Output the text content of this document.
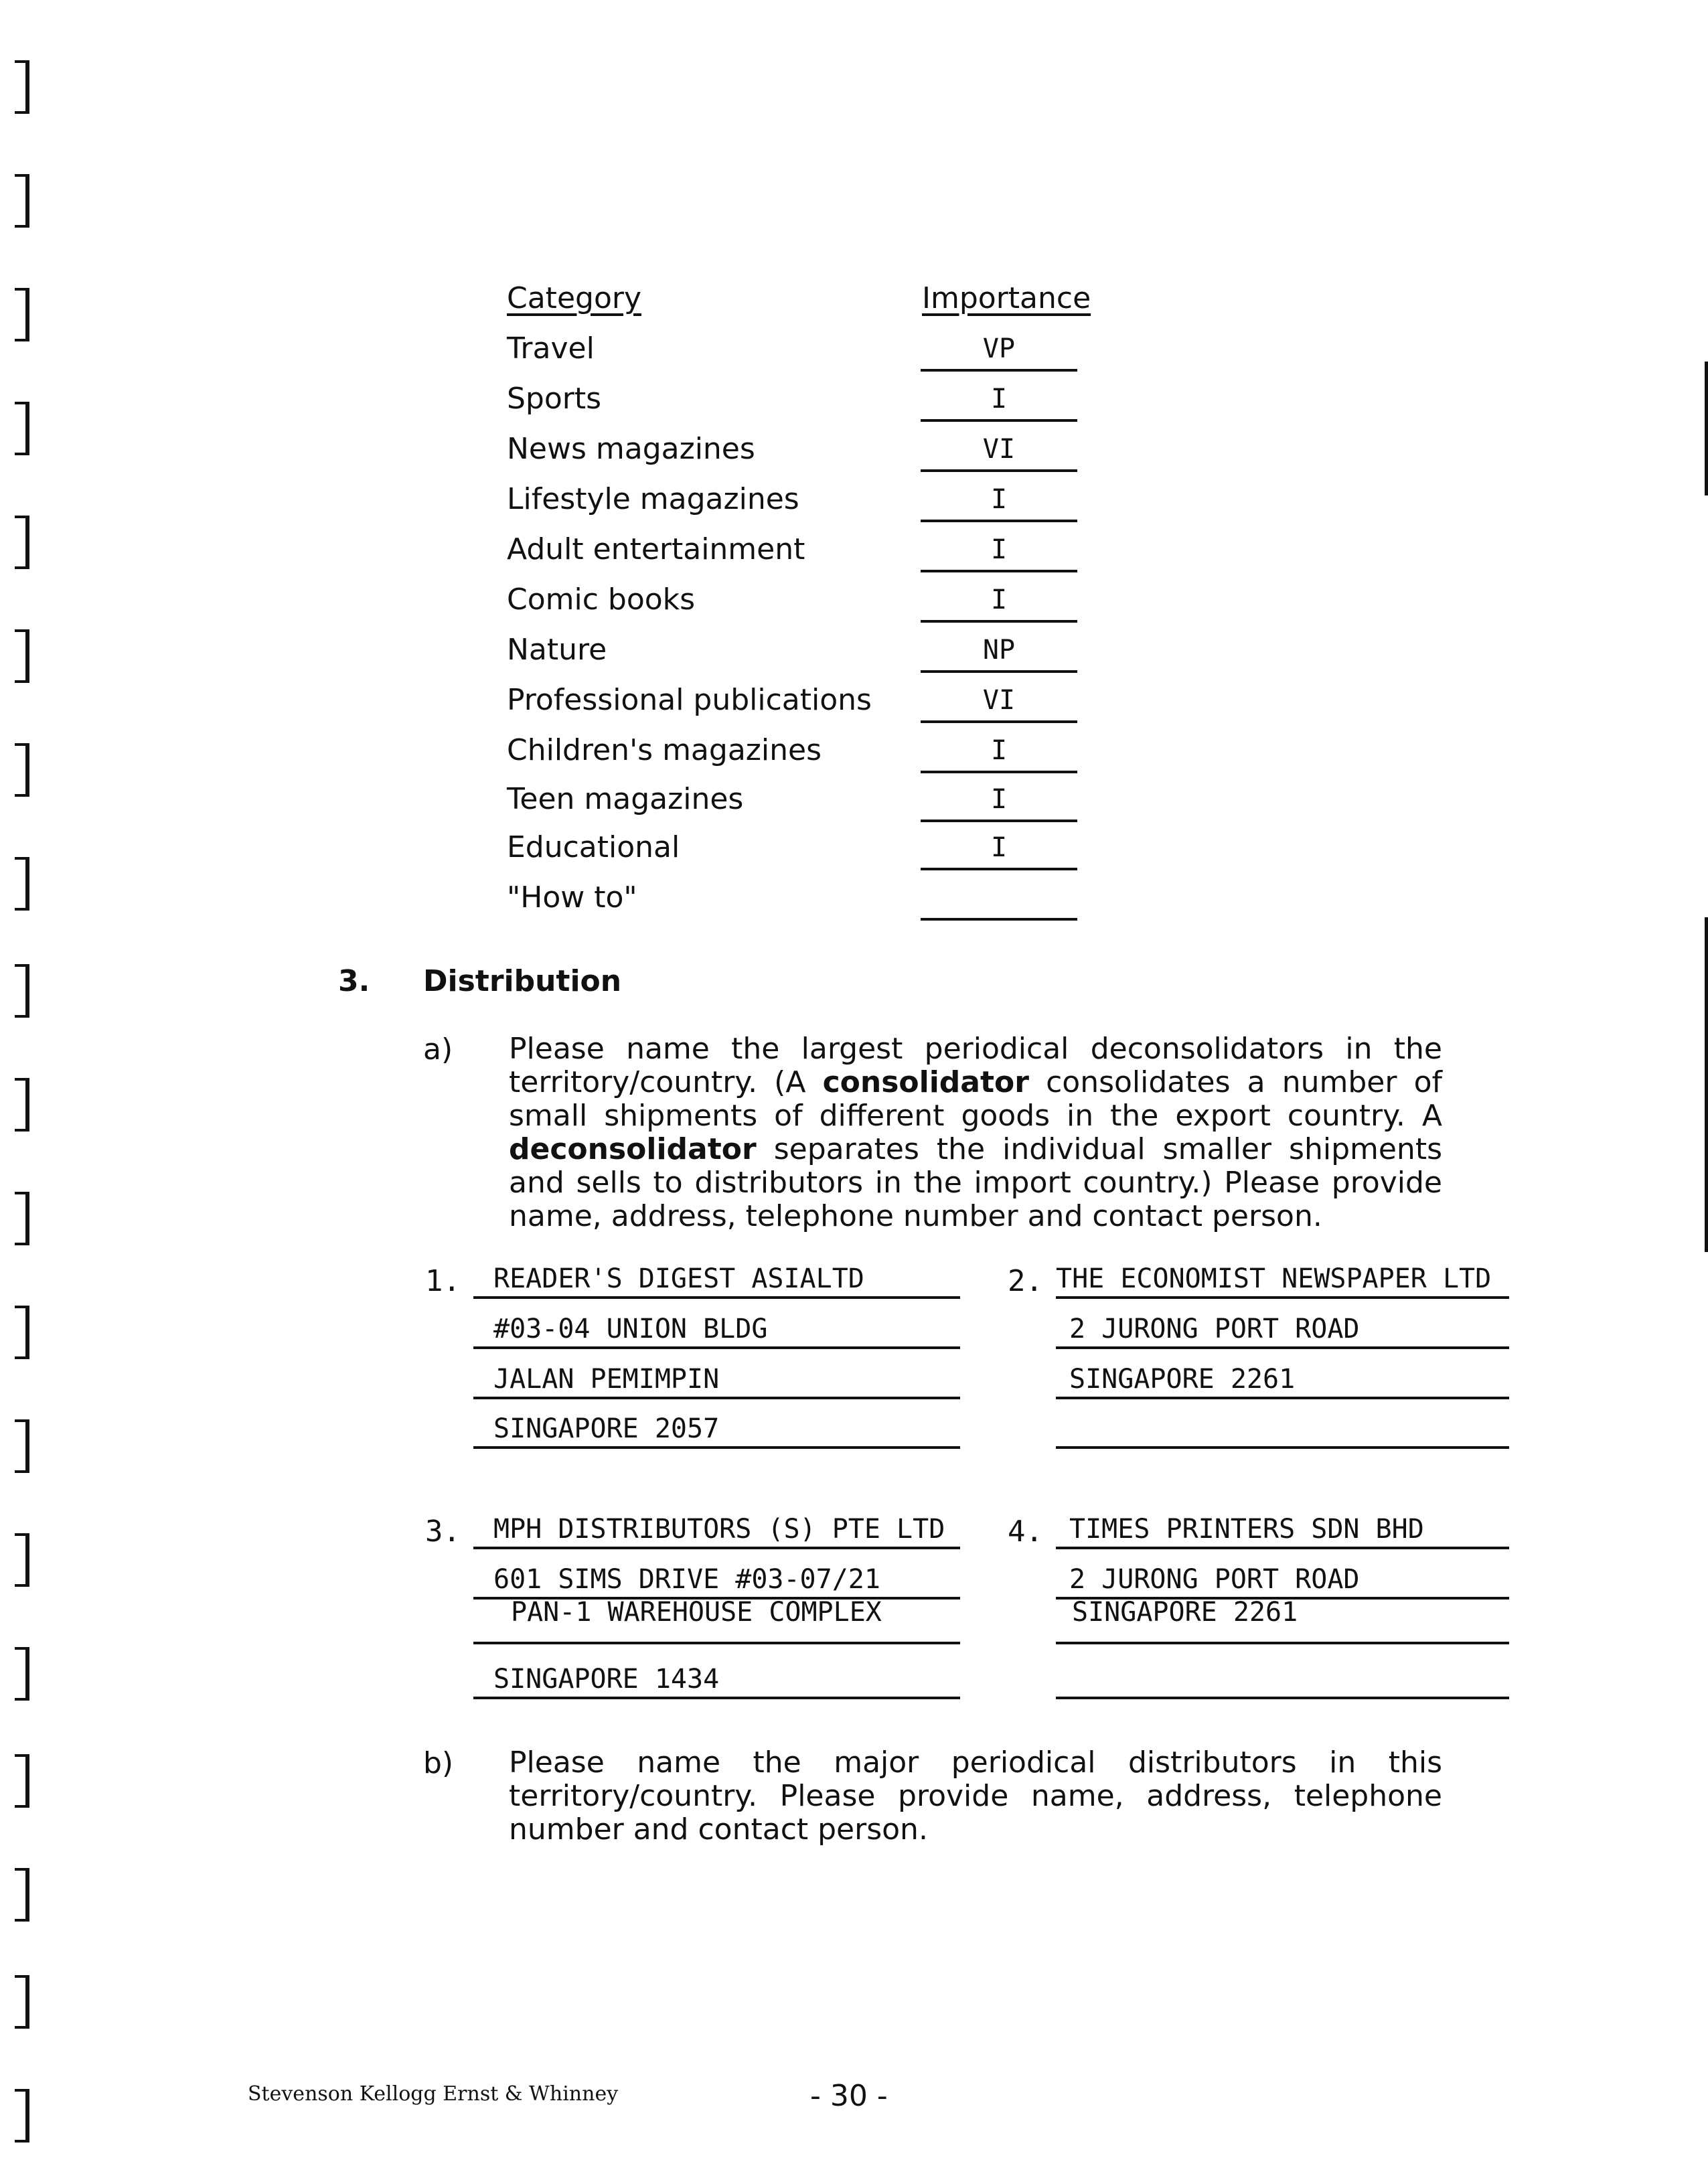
Category	Importance
Travel	VP
Sports	I
News magazines	VI
Lifestyle magazines	I
Adult entertainment	I
Comic books	I
Nature	NP
Professional publications	VI
Children's magazines	I
Teen magazines	I
Educational	I
"How to"
3. Distribution
a) Please name the largest periodical deconsolidators in the territory/country. (A consolidator consolidates a number of small shipments of different goods in the export country. A deconsolidator separates the individual smaller shipments and sells to distributors in the import country.) Please provide name, address, telephone number and contact person.

1.	READER'S DIGEST ASIALTD
#03-04 UNION BLDG
JALAN PEMIMPIN
SINGAPORE 2057
2. THE ECONOMIST NEWSPAPER LTD
2 JURONG PORT ROAD
SINGAPORE 2261
3.	MPH DISTRIBUTORS (S) PTE LTD
601 SIMS DRIVE #03-07/21
PAN-1 WAREHOUSE COMPLEX
SINGAPORE 1434
4. TIMES PRINTERS SDN BHD
2 JURONG PORT ROAD
SINGAPORE 2261
b) Please name the major periodical distributors in this territory/country. Please provide name, address, telephone number and contact person.

Stevenson Kellogg Ernst & Whinney	- 30 -
